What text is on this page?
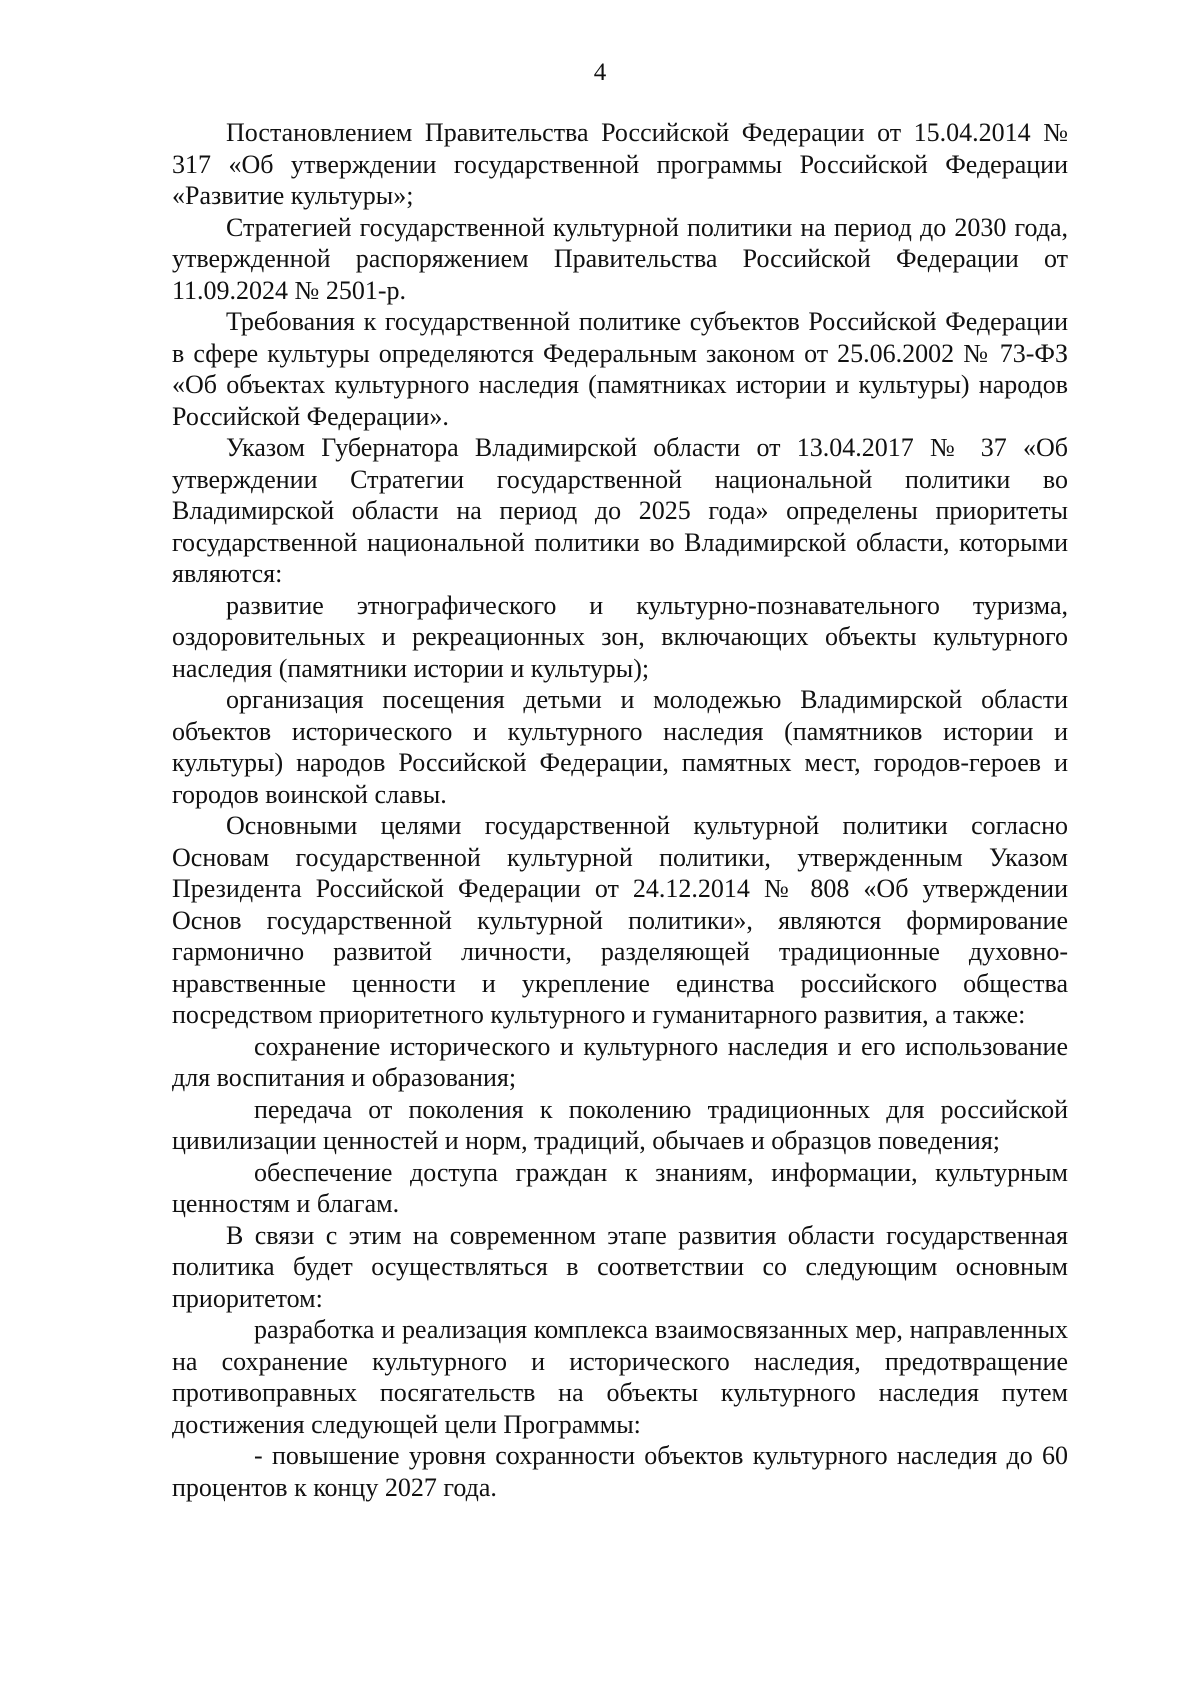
4

Постановлением Правительства Российской Федерации от 15.04.2014 № 317 «Об утверждении государственной программы Российской Федерации «Развитие культуры»;

Стратегией государственной культурной политики на период до 2030 года, утвержденной распоряжением Правительства Российской Федерации от 11.09.2024 № 2501-р.

Требования к государственной политике субъектов Российской Федерации в сфере культуры определяются Федеральным законом от 25.06.2002 № 73-ФЗ «Об объектах культурного наследия (памятниках истории и культуры) народов Российской Федерации».

Указом Губернатора Владимирской области от 13.04.2017 № 37 «Об утверждении Стратегии государственной национальной политики во Владимирской области на период до 2025 года» определены приоритеты государственной национальной политики во Владимирской области, которыми являются:

развитие этнографического и культурно-познавательного туризма, оздоровительных и рекреационных зон, включающих объекты культурного наследия (памятники истории и культуры);

организация посещения детьми и молодежью Владимирской области объектов исторического и культурного наследия (памятников истории и культуры) народов Российской Федерации, памятных мест, городов-героев и городов воинской славы.

Основными целями государственной культурной политики согласно Основам государственной культурной политики, утвержденным Указом Президента Российской Федерации от 24.12.2014 № 808 «Об утверждении Основ государственной культурной политики», являются формирование гармонично развитой личности, разделяющей традиционные духовно-нравственные ценности и укрепление единства российского общества посредством приоритетного культурного и гуманитарного развития, а также:

сохранение исторического и культурного наследия и его использование для воспитания и образования;

передача от поколения к поколению традиционных для российской цивилизации ценностей и норм, традиций, обычаев и образцов поведения;

обеспечение доступа граждан к знаниям, информации, культурным ценностям и благам.

В связи с этим на современном этапе развития области государственная политика будет осуществляться в соответствии со следующим основным приоритетом:

разработка и реализация комплекса взаимосвязанных мер, направленных на сохранение культурного и исторического наследия, предотвращение противоправных посягательств на объекты культурного наследия путем достижения следующей цели Программы:

- повышение уровня сохранности объектов культурного наследия до 60 процентов к концу 2027 года.
